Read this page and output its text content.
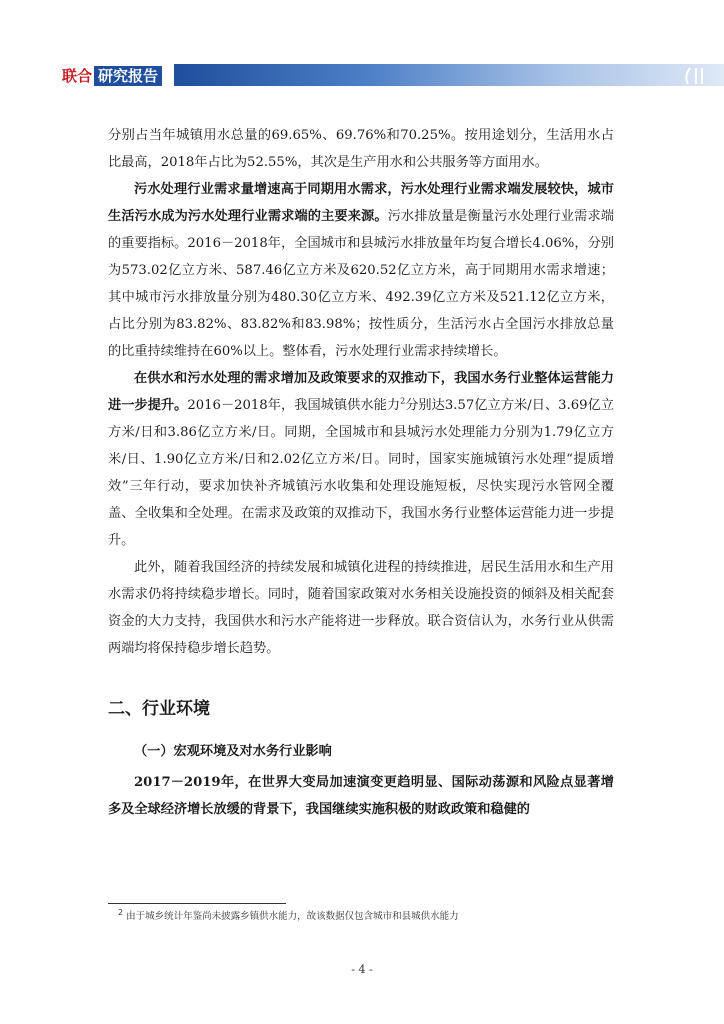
联合 研究报告

分别占当年城镇用水总量的69.65%、69.76%和70.25%。按用途划分，生活用水占比最高，2018年占比为52.55%，其次是生产用水和公共服务等方面用水。

污水处理行业需求量增速高于同期用水需求，污水处理行业需求端发展较快，城市生活污水成为污水处理行业需求端的主要来源。污水排放量是衡量污水处理行业需求端的重要指标。2016－2018年，全国城市和县城污水排放量年均复合增长4.06%，分别为573.02亿立方米、587.46亿立方米及620.52亿立方米，高于同期用水需求增速；其中城市污水排放量分别为480.30亿立方米、492.39亿立方米及521.12亿立方米，占比分别为83.82%、83.82%和83.98%；按性质分，生活污水占全国污水排放总量的比重持续维持在60%以上。整体看，污水处理行业需求持续增长。

在供水和污水处理的需求增加及政策要求的双推动下，我国水务行业整体运营能力进一步提升。2016－2018年，我国城镇供水能力$^2$分别达3.57亿立方米/日、3.69亿立方米/日和3.86亿立方米/日。同期，全国城市和县城污水处理能力分别为1.79亿立方米/日、1.90亿立方米/日和2.02亿立方米/日。同时，国家实施城镇污水处理“提质增效”三年行动，要求加快补齐城镇污水收集和处理设施短板，尽快实现污水管网全覆盖、全收集和全处理。在需求及政策的双推动下，我国水务行业整体运营能力进一步提升。

此外，随着我国经济的持续发展和城镇化进程的持续推进，居民生活用水和生产用水需求仍将持续稳步增长。同时，随着国家政策对水务相关设施投资的倾斜及相关配套资金的大力支持，我国供水和污水产能将进一步释放。联合资信认为，水务行业从供需两端均将保持稳步增长趋势。

二、行业环境

（一）宏观环境及对水务行业影响

2017－2019年，在世界大变局加速演变更趋明显、国际动荡源和风险点显著增多及全球经济增长放缓的背景下，我国继续实施积极的财政政策和稳健的

$^2$ 由于城乡统计年鉴尚未披露乡镇供水能力，故该数据仅包含城市和县城供水能力
- 4 -
